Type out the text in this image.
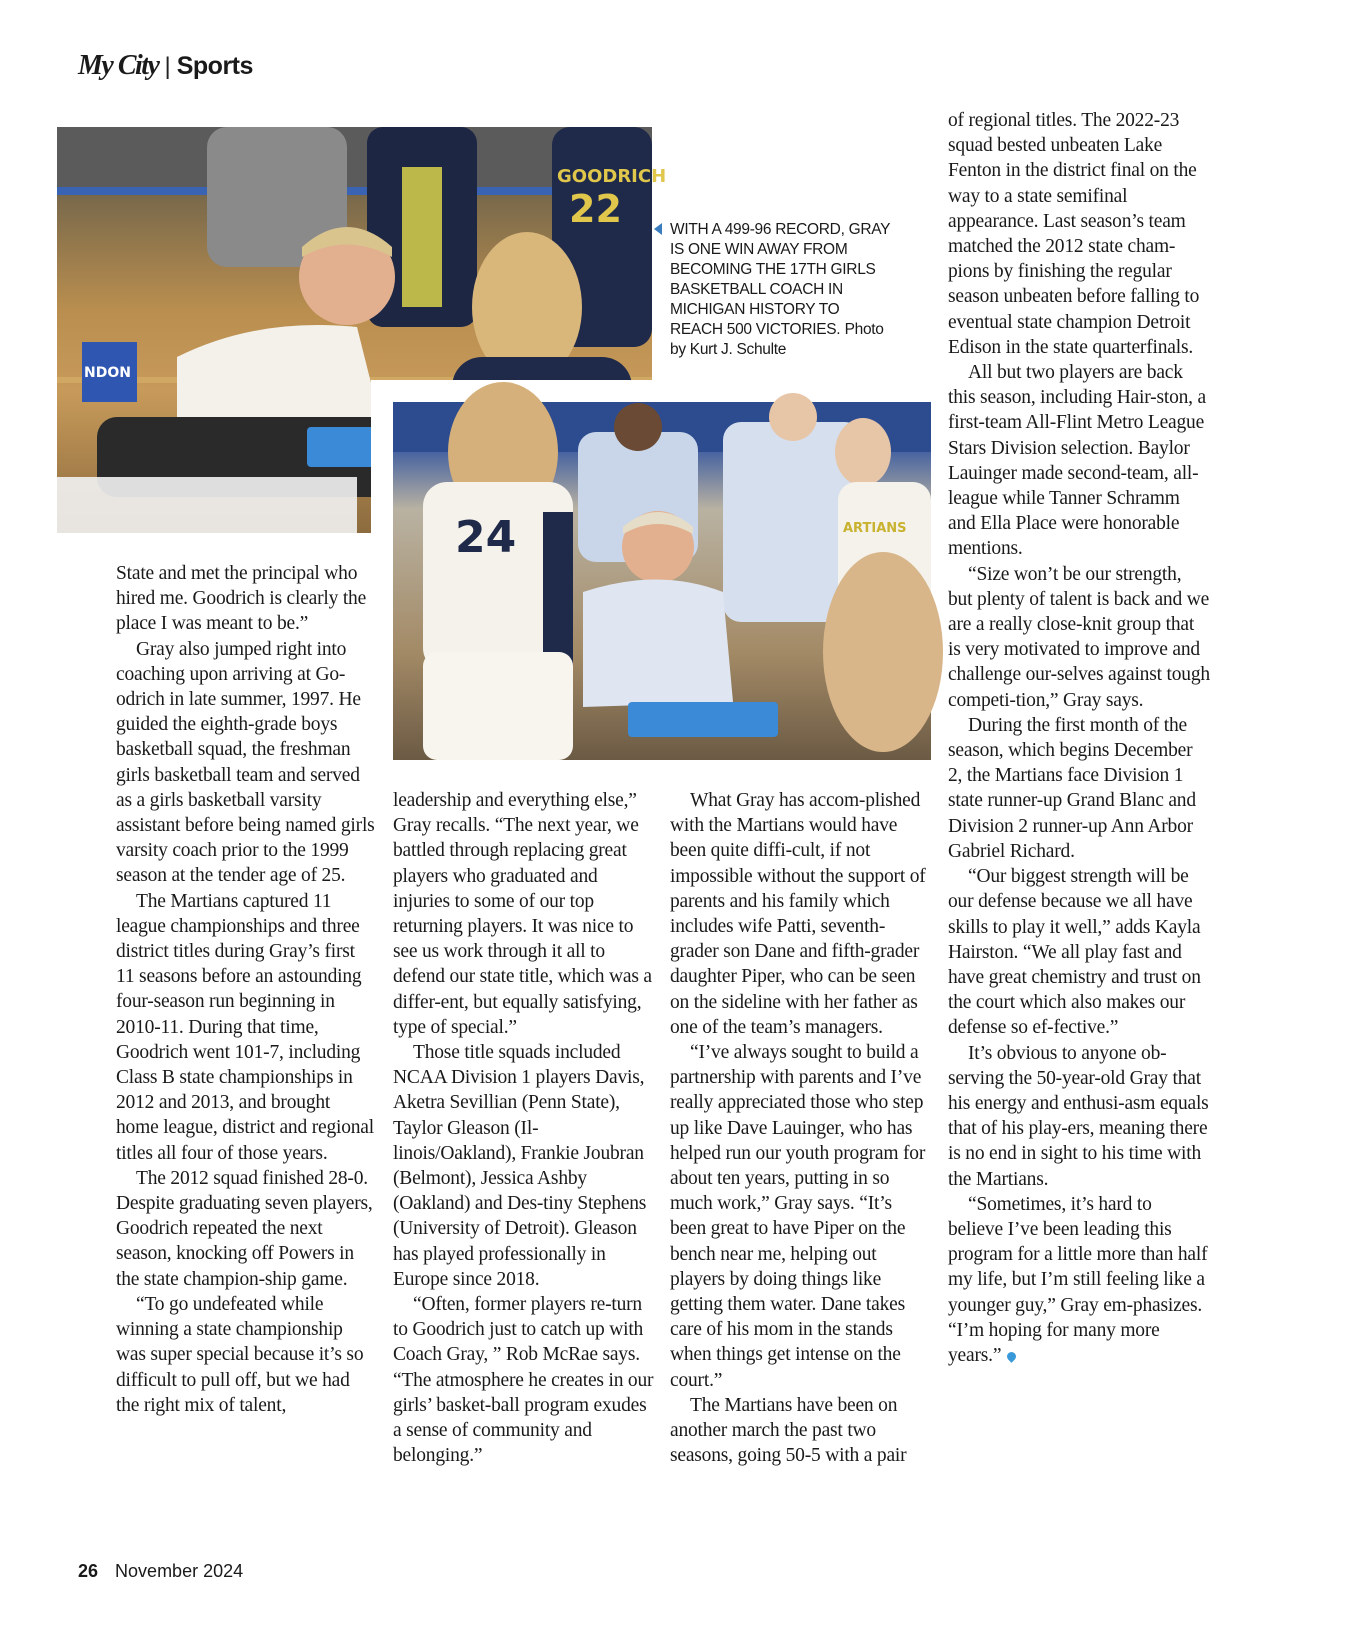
My City | Sports
GOODRICH
22
NDON
24	ARTIANS
WITH A 499-96 RECORD, GRAY IS ONE WIN AWAY FROM BECOMING THE 17TH GIRLS BASKETBALL COACH IN MICHIGAN HISTORY TO REACH 500 VICTORIES. Photo by Kurt J. Schulte

State and met the principal who hired me. Goodrich is clearly the place I was meant to be.”

Gray also jumped right into coaching upon arriving at Go-odrich in late summer, 1997. He guided the eighth-grade boys basketball squad, the freshman girls basketball team and served as a girls basketball varsity assistant before being named girls varsity coach prior to the 1999 season at the tender age of 25.

The Martians captured 11 league championships and three district titles during Gray’s first 11 seasons before an astounding four-season run beginning in 2010-11. During that time, Goodrich went 101-7, including Class B state championships in 2012 and 2013, and brought home league, district and regional titles all four of those years.

The 2012 squad finished 28-0. Despite graduating seven players, Goodrich repeated the next season, knocking off Powers in the state champion-ship game.

“To go undefeated while winning a state championship was super special because it’s so difficult to pull off, but we had the right mix of talent,

leadership and everything else,” Gray recalls. “The next year, we battled through replacing great players who graduated and injuries to some of our top returning players. It was nice to see us work through it all to defend our state title, which was a differ-ent, but equally satisfying, type of special.”

Those title squads included NCAA Division 1 players Davis, Aketra Sevillian (Penn State), Taylor Gleason (Il-linois/Oakland), Frankie Joubran (Belmont), Jessica Ashby (Oakland) and Des-tiny Stephens (University of Detroit). Gleason has played professionally in Europe since 2018.

“Often, former players re-turn to Goodrich just to catch up with Coach Gray, ” Rob McRae says. “The atmosphere he creates in our girls’ basket-ball program exudes a sense of community and belonging.”

What Gray has accom-plished with the Martians would have been quite diffi-cult, if not impossible without the support of parents and his family which includes wife Patti, seventh-grader son Dane and fifth-grader daughter Piper, who can be seen on the sideline with her father as one of the team’s managers.

“I’ve always sought to build a partnership with parents and I’ve really appreciated those who step up like Dave Lauinger, who has helped run our youth program for about ten years, putting in so much work,” Gray says. “It’s been great to have Piper on the bench near me, helping out players by doing things like getting them water. Dane takes care of his mom in the stands when things get intense on the court.”

The Martians have been on another march the past two seasons, going 50-5 with a pair

of regional titles. The 2022-23 squad bested unbeaten Lake Fenton in the district final on the way to a state semifinal appearance. Last season’s team matched the 2012 state cham-pions by finishing the regular season unbeaten before falling to eventual state champion Detroit Edison in the state quarterfinals.

All but two players are back this season, including Hair-ston, a first-team All-Flint Metro League Stars Division selection. Baylor Lauinger made second-team, all-league while Tanner Schramm and Ella Place were honorable mentions.

“Size won’t be our strength, but plenty of talent is back and we are a really close-knit group that is very motivated to improve and challenge our-selves against tough competi-tion,” Gray says.

During the first month of the season, which begins December 2, the Martians face Division 1 state runner-up Grand Blanc and Division 2 runner-up Ann Arbor Gabriel Richard.

“Our biggest strength will be our defense because we all have skills to play it well,” adds Kayla Hairston. “We all play fast and have great chemistry and trust on the court which also makes our defense so ef-fective.”

It’s obvious to anyone ob-serving the 50-year-old Gray that his energy and enthusi-asm equals that of his play-ers, meaning there is no end in sight to his time with the Martians.

“Sometimes, it’s hard to believe I’ve been leading this program for a little more than half my life, but I’m still feeling like a younger guy,” Gray em-phasizes. “I’m hoping for many more years.”

26 November 2024
